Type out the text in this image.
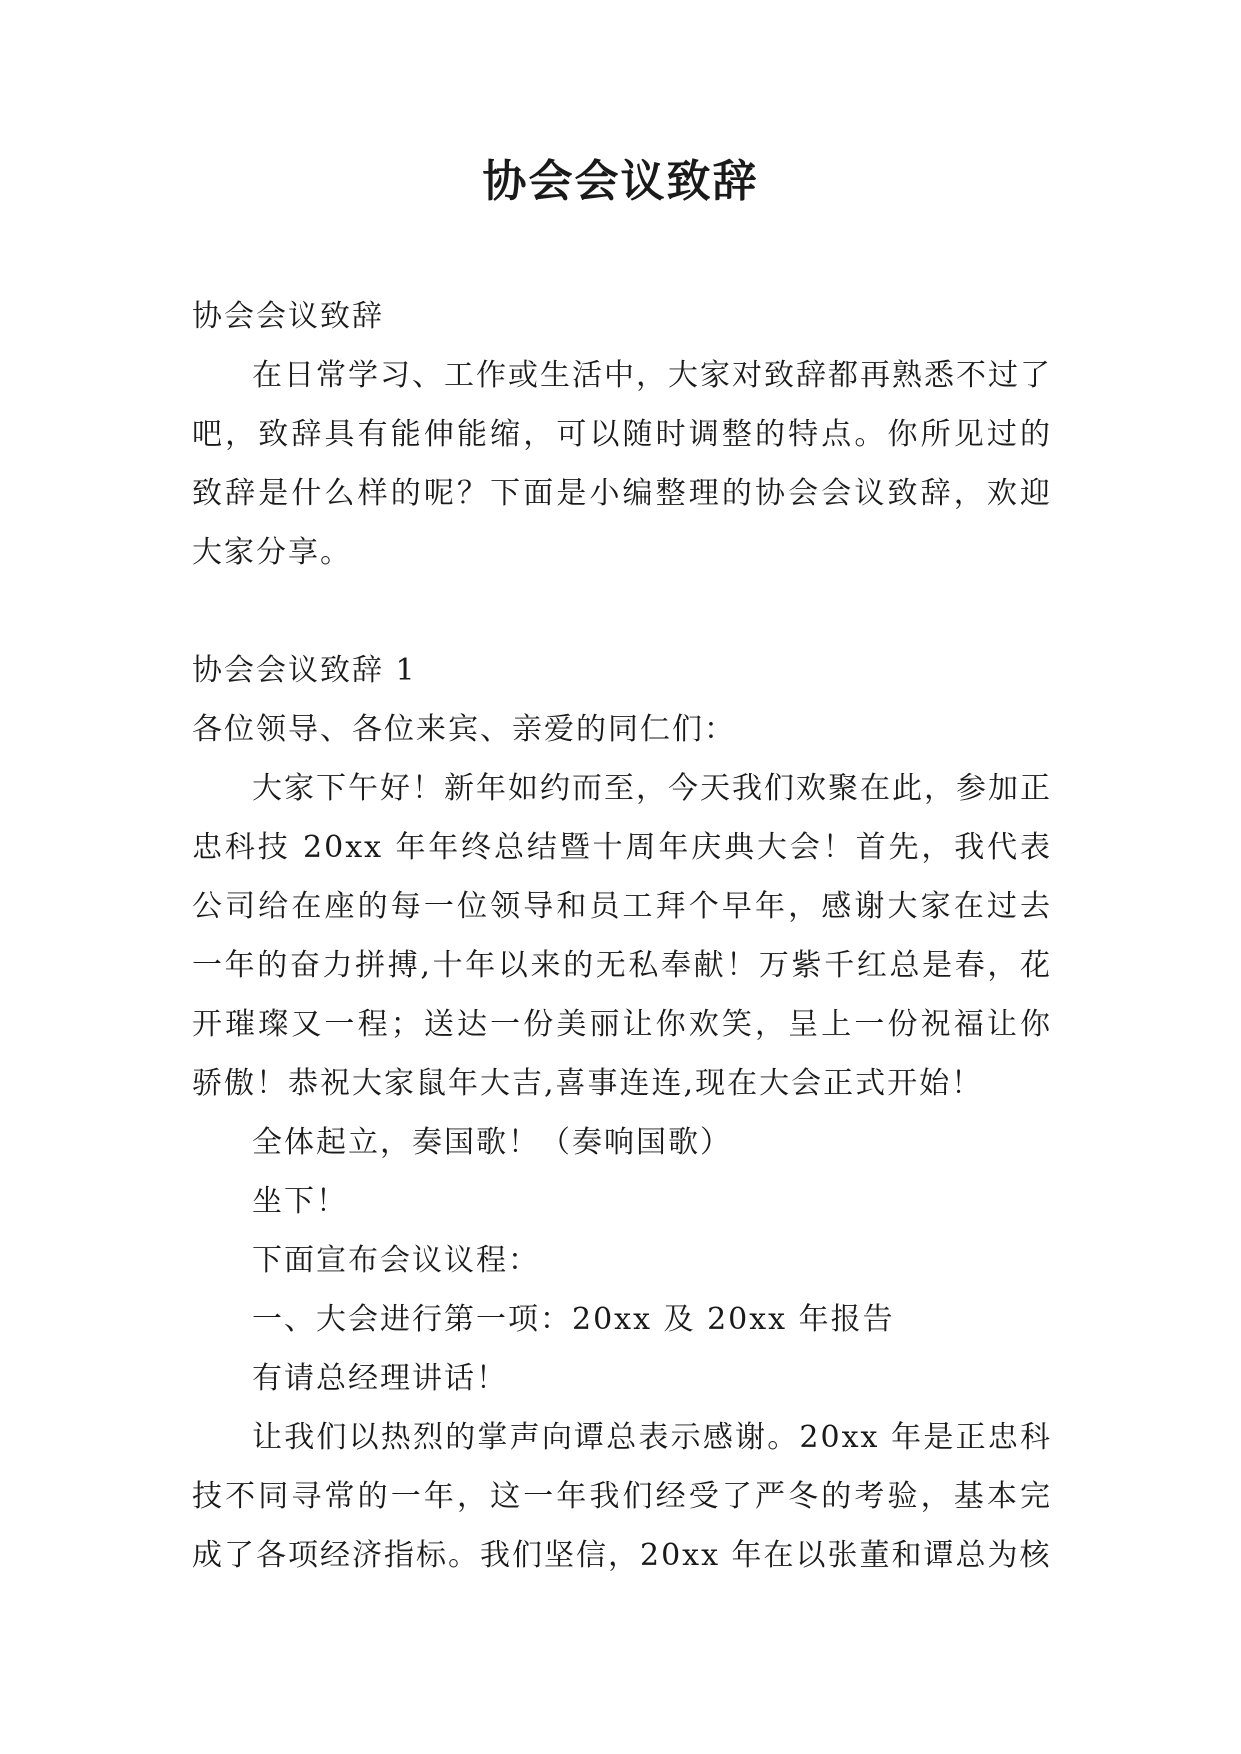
协会会议致辞

协会会议致辞

在日常学习、工作或生活中，大家对致辞都再熟悉不过了吧，致辞具有能伸能缩，可以随时调整的特点。你所见过的致辞是什么样的呢？下面是小编整理的协会会议致辞，欢迎大家分享。

协会会议致辞 1

各位领导、各位来宾、亲爱的同仁们：

大家下午好！新年如约而至，今天我们欢聚在此，参加正忠科技 20xx 年年终总结暨十周年庆典大会！首先，我代表公司给在座的每一位领导和员工拜个早年，感谢大家在过去一年的奋力拼搏,十年以来的无私奉献！万紫千红总是春，花开璀璨又一程；送达一份美丽让你欢笑，呈上一份祝福让你骄傲！恭祝大家鼠年大吉,喜事连连,现在大会正式开始！

全体起立，奏国歌！（奏响国歌）

坐下！

下面宣布会议议程：

一、大会进行第一项：20xx 及 20xx 年报告

有请总经理讲话！

让我们以热烈的掌声向谭总表示感谢。20xx 年是正忠科技不同寻常的一年，这一年我们经受了严冬的考验，基本完成了各项经济指标。我们坚信，20xx 年在以张董和谭总为核
